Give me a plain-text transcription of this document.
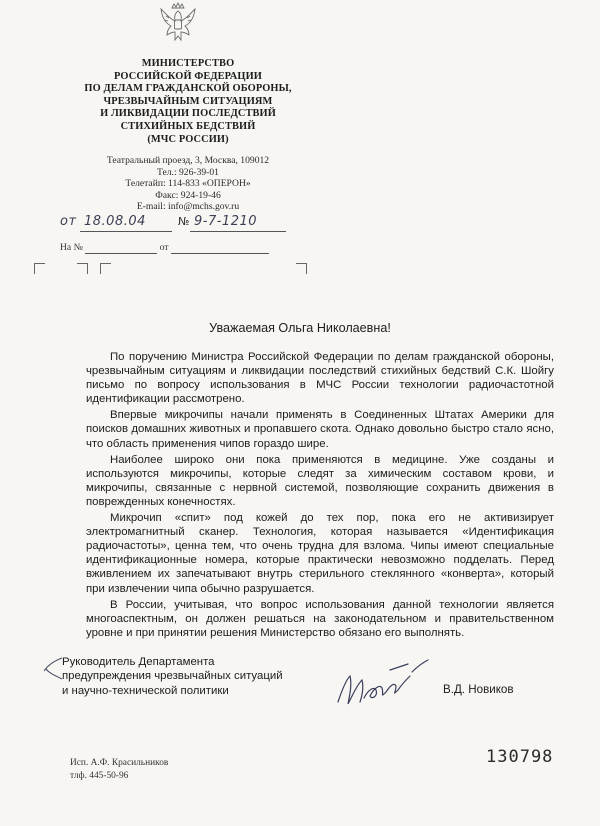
МИНИСТЕРСТВО
РОССИЙСКОЙ ФЕДЕРАЦИИ
ПО ДЕЛАМ ГРАЖДАНСКОЙ ОБОРОНЫ,
ЧРЕЗВЫЧАЙНЫМ СИТУАЦИЯМ
И ЛИКВИДАЦИИ ПОСЛЕДСТВИЙ
СТИХИЙНЫХ БЕДСТВИЙ
(МЧС РОССИИ)
Театральный проезд, 3, Москва, 109012
Тел.: 926-39-01
Телетайп: 114-833 «ОПЕРОН»
Факс: 924-19-46
E-mail: info@mchs.gov.ru
от 18.08.04	№ 9-7-1210
На №	от
Уважаемая Ольга Николаевна!

По поручению Министра Российской Федерации по делам гражданской обороны, чрезвычайным ситуациям и ликвидации последствий стихийных бедствий С.К. Шойгу письмо по вопросу использования в МЧС России технологии радиочастотной идентификации рассмотрено.

Впервые микрочипы начали применять в Соединенных Штатах Америки для поисков домашних животных и пропавшего скота. Однако довольно быстро стало ясно, что область применения чипов гораздо шире.

Наиболее широко они пока применяются в медицине. Уже созданы и используются микрочипы, которые следят за химическим составом крови, и микрочипы, связанные с нервной системой, позволяющие сохранить движения в поврежденных конечностях.

Микрочип «спит» под кожей до тех пор, пока его не активизирует электромагнитный сканер. Технология, которая называется «Идентификация радиочастоты», ценна тем, что очень трудна для взлома. Чипы имеют специальные идентификационные номера, которые практически невозможно подделать. Перед вживлением их запечатывают внутрь стерильного стеклянного «конверта», который при извлечении чипа обычно разрушается.

В России, учитывая, что вопрос использования данной технологии является многоаспектным, он должен решаться на законодательном и правительственном уровне и при принятии решения Министерство обязано его выполнять.

Руководитель Департамента
предупреждения чрезвычайных ситуаций
и научно-технической политики	В.Д. Новиков
Исп. А.Ф. Красильников
тлф. 445-50-96
130798
